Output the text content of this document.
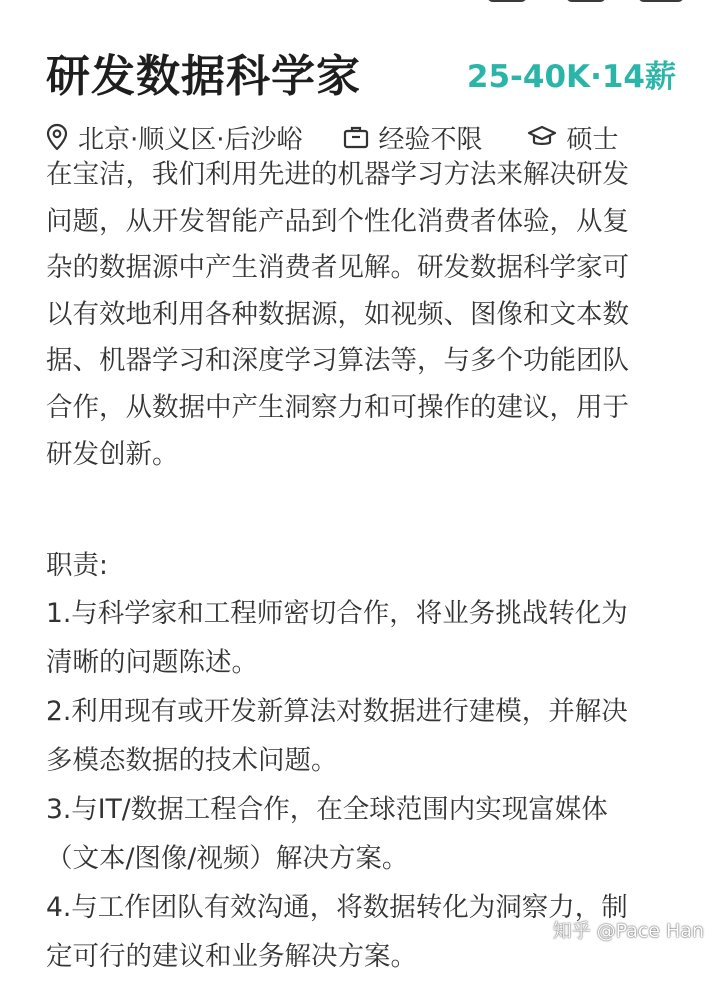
研发数据科学家	25-40K·14薪
北京·顺义区·后沙峪	经验不限	硕士
在宝洁，我们利用先进的机器学习方法来解决研发
问题，从开发智能产品到个性化消费者体验，从复
杂的数据源中产生消费者见解。研发数据科学家可
以有效地利用各种数据源，如视频、图像和文本数
据、机器学习和深度学习算法等，与多个功能团队
合作，从数据中产生洞察力和可操作的建议，用于
研发创新。
职责:
1.与科学家和工程师密切合作，将业务挑战转化为
清晰的问题陈述。
2.利用现有或开发新算法对数据进行建模，并解决
多模态数据的技术问题。
3.与IT/数据工程合作，在全球范围内实现富媒体
（文本/图像/视频）解决方案。
4.与工作团队有效沟通，将数据转化为洞察力，制
定可行的建议和业务解决方案。
知乎 @Pace Han
